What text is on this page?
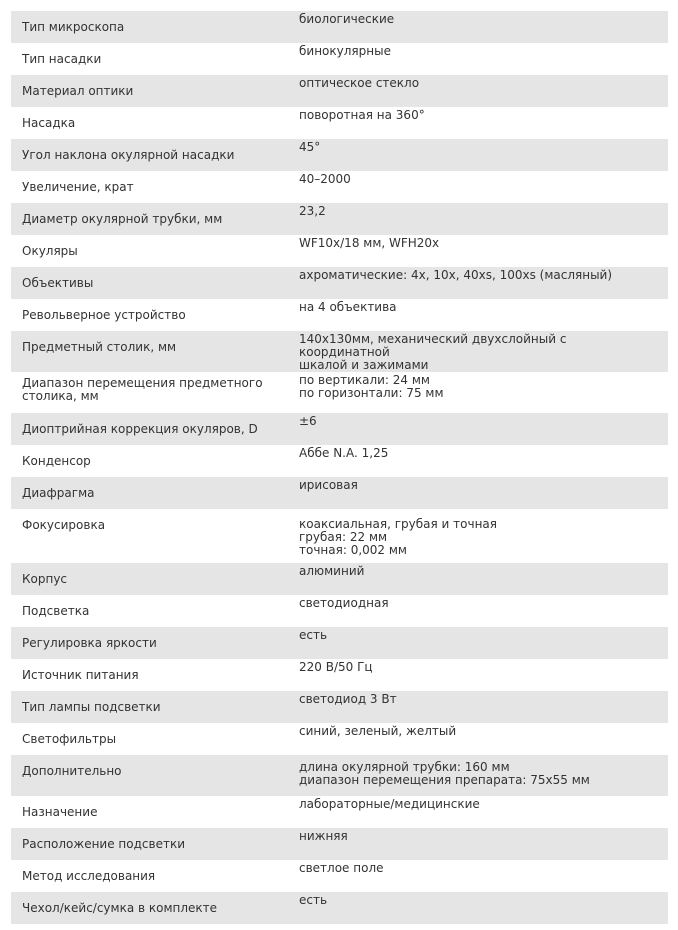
Тип микроскопа	биологические
Тип насадки	бинокулярные
Материал оптики	оптическое стекло
Насадка	поворотная на 360°
Угол наклона окулярной насадки	45°
Увеличение, крат	40–2000
Диаметр окулярной трубки, мм	23,2
Окуляры	WF10x/18 мм, WFH20x
Объективы	ахроматические: 4x, 10x, 40xs, 100xs (масляный)
Револьверное устройство	на 4 объектива
Предметный столик, мм	140x130мм, механический двухслойный с координатной
шкалой и зажимами
Диапазон перемещения предметного
столика, мм	по вертикали: 24 мм
по горизонтали: 75 мм
Диоптрийная коррекция окуляров, D	±6
Конденсор	Аббе N.A. 1,25
Диафрагма	ирисовая
Фокусировка	коаксиальная, грубая и точная
грубая: 22 мм
точная: 0,002 мм
Корпус	алюминий
Подсветка	светодиодная
Регулировка яркости	есть
Источник питания	220 В/50 Гц
Тип лампы подсветки	светодиод 3 Вт
Светофильтры	синий, зеленый, желтый
Дополнительно	длина окулярной трубки: 160 мм
диапазон перемещения препарата: 75x55 мм
Назначение	лабораторные/медицинские
Расположение подсветки	нижняя
Метод исследования	светлое поле
Чехол/кейс/сумка в комплекте	есть
